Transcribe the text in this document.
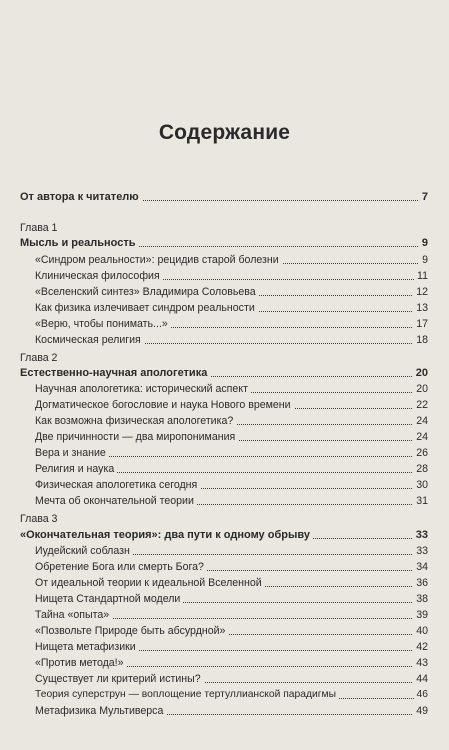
Содержание
От автора к читателю	7
Глава 1
Мысль и реальность	9
«Синдром реальности»: рецидив старой болезни	9
Клиническая философия	11
«Вселенский синтез» Владимира Соловьева	12
Как физика излечивает синдром реальности	13
«Верю, чтобы понимать...»	17
Космическая религия	18
Глава 2
Естественно-научная апологетика	20
Научная апологетика: исторический аспект	20
Догматическое богословие и наука Нового времени	22
Как возможна физическая апологетика?	24
Две причинности — два миропонимания	24
Вера и знание	26
Религия и наука	28
Физическая апологетика сегодня	30
Мечта об окончательной теории	31
Глава 3
«Окончательная теория»: два пути к одному обрыву	33
Иудейский соблазн	33
Обретение Бога или смерть Бога?	34
От идеальной теории к идеальной Вселенной	36
Нищета Стандартной модели	38
Тайна «опыта»	39
«Позвольте Природе быть абсурдной»	40
Нищета метафизики	42
«Против метода!»	43
Существует ли критерий истины?	44
Теория суперструн — воплощение тертуллианской парадигмы	46
Метафизика Мультиверса	49
